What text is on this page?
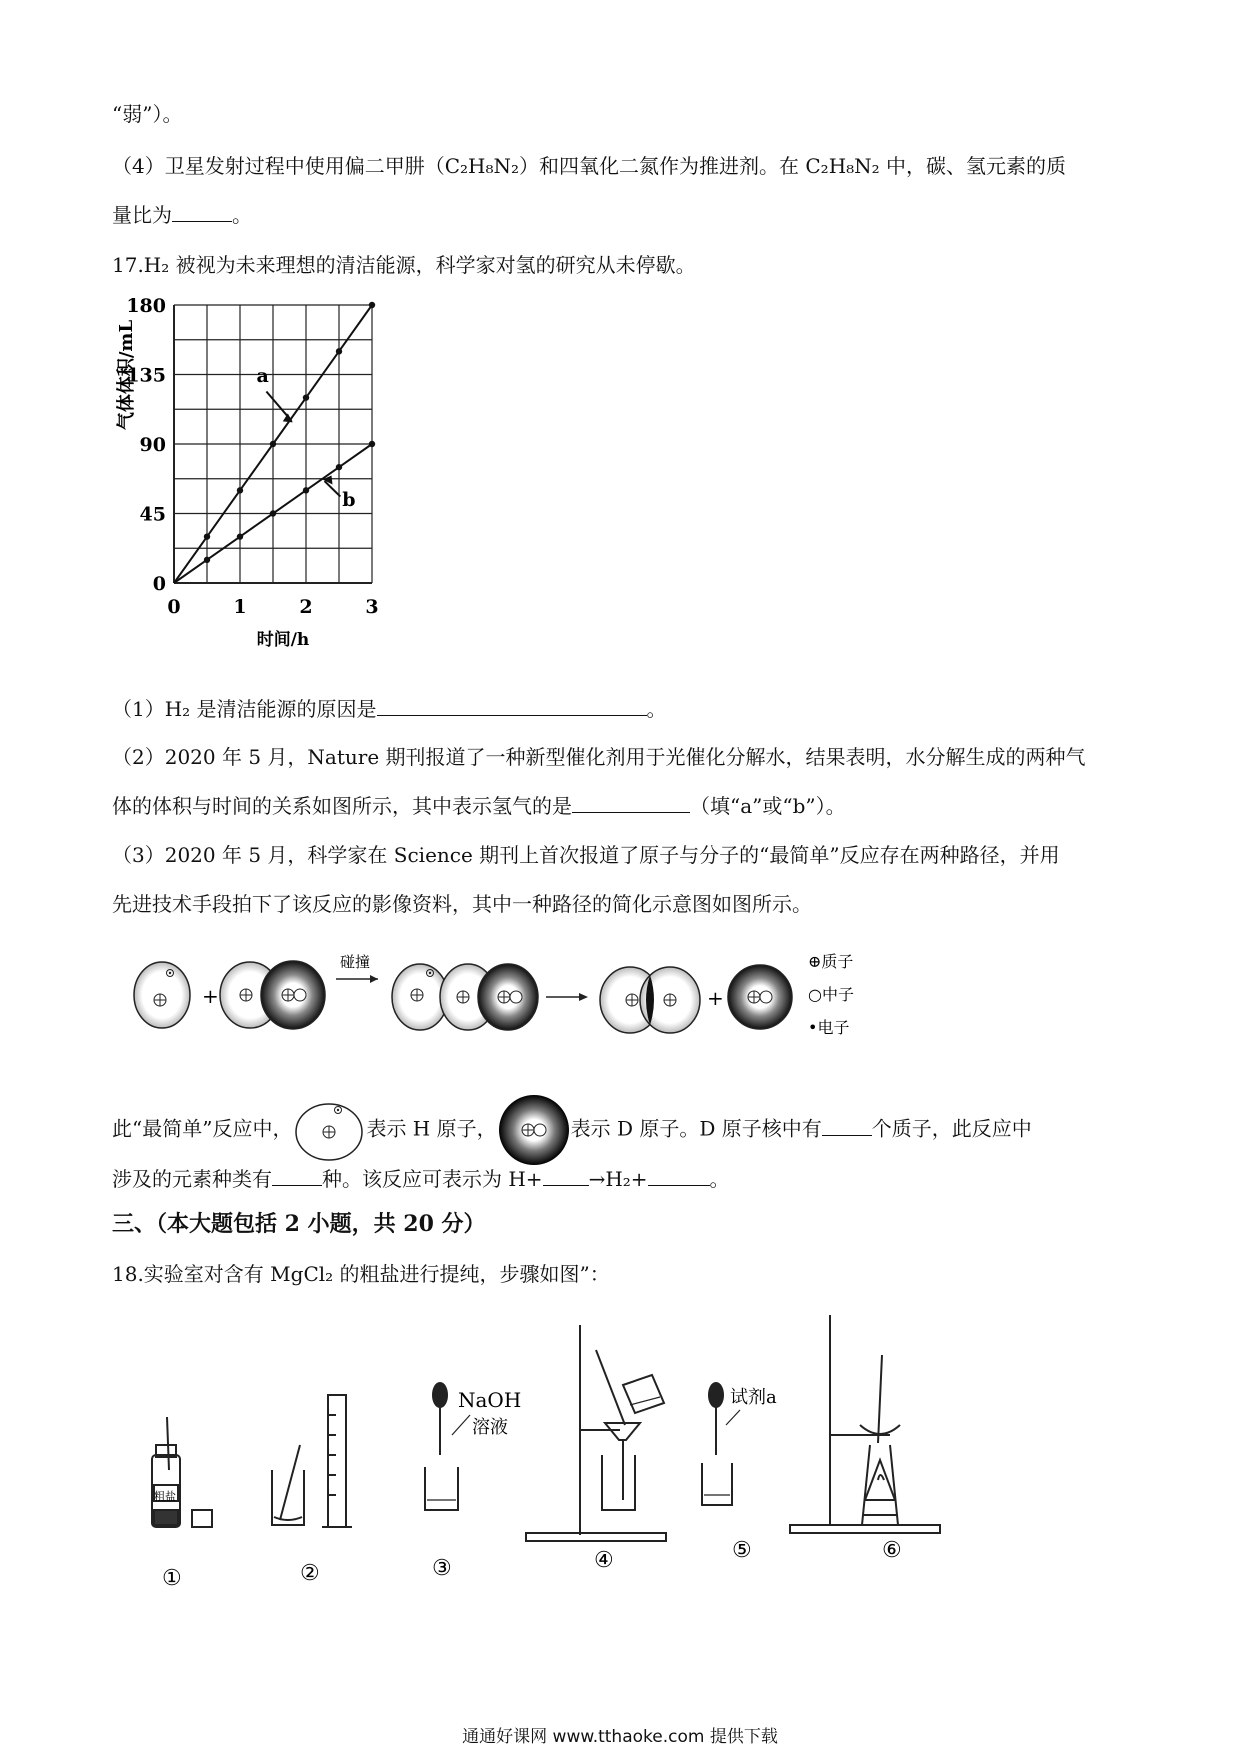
“弱”）。
（4）卫星发射过程中使用偏二甲肼（C₂H₈N₂）和四氧化二氮作为推进剂。在 C₂H₈N₂ 中，碳、氢元素的质
量比为	。
17.H₂ 被视为未来理想的清洁能源，科学家对氢的研究从未停歇。
180
135
90
45
0
0	1	2	3
时间/h
气体体积/mL	a
b
（1）H₂ 是清洁能源的原因是	。
（2）2020 年 5 月，Nature 期刊报道了一种新型催化剂用于光催化分解水，结果表明，水分解生成的两种气
体的体积与时间的关系如图所示，其中表示氢气的是	（填“a”或“b”）。
（3）2020 年 5 月，科学家在 Science 期刊上首次报道了原子与分子的“最简单”反应存在两种路径，并用
先进技术手段拍下了该反应的影像资料，其中一种路径的简化示意图如图所示。
+
碰撞
+
⊕质子
○中子
•电子
此“最简单”反应中，	表示 H 原子，	表示 D 原子。D 原子核中有	个质子，此反应中
涉及的元素种类有	种。该反应可表示为 H+ →H₂+	。
三、（本大题包括 2 小题，共 20 分）
18.实验室对含有 MgCl₂ 的粗盐进行提纯，步骤如图”：
粗盐
NaOH
溶液
试剂a
①	②	③	④	⑤	⑥
通通好课网 www.tthaoke.com 提供下载
